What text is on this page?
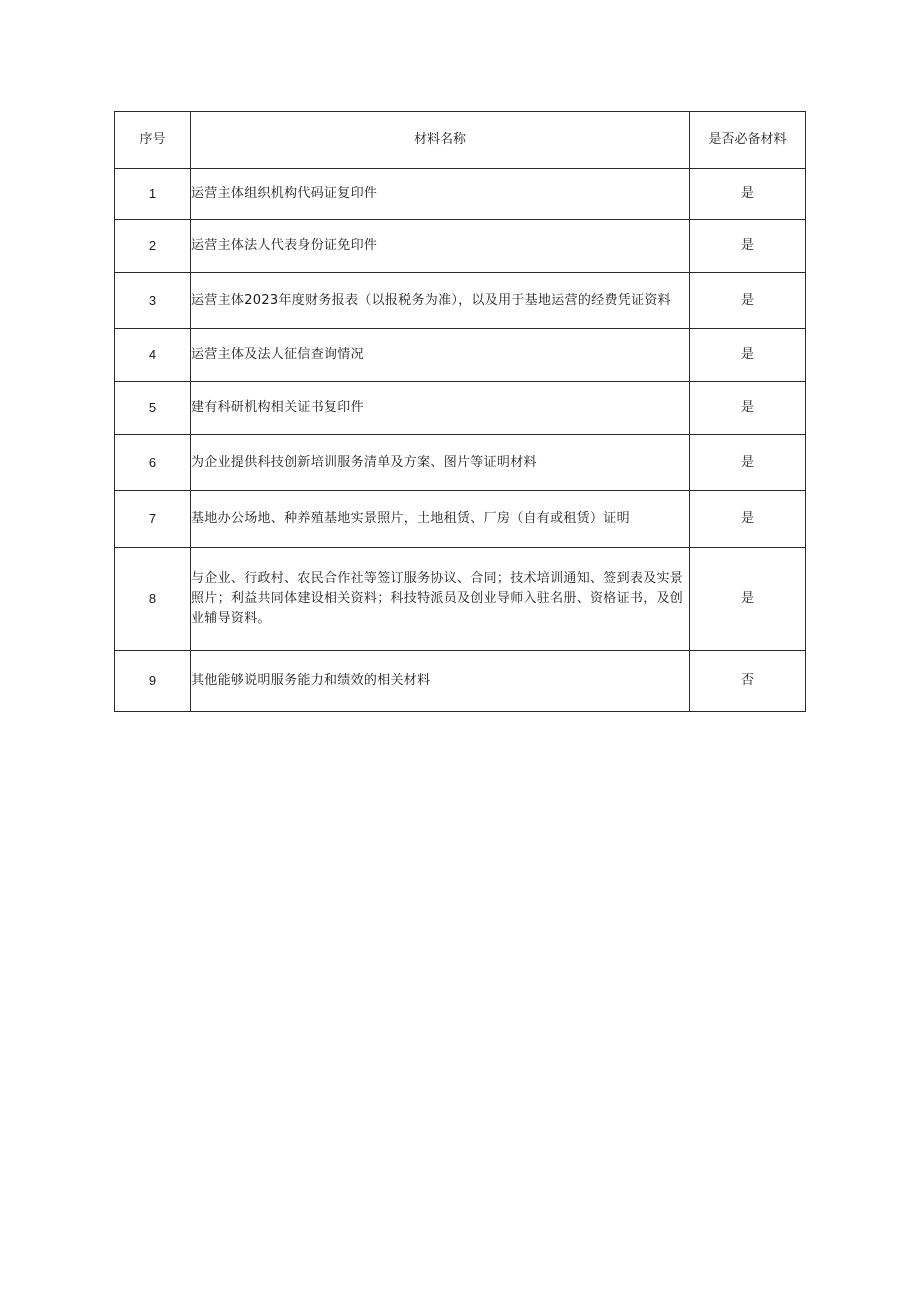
序号	材料名称	是否必备材料
1	运营主体组织机构代码证复印件	是
2	运营主体法人代表身份证免印件	是
3	运营主体2023年度财务报表（以报税务为准），以及用于基地运营的经费凭证资料	是
4	运营主体及法人征信查询情况	是
5	建有科研机构相关证书复印件	是
6	为企业提供科技创新培训服务清单及方案、图片等证明材料	是
7	基地办公场地、种养殖基地实景照片，土地租赁、厂房（自有或租赁）证明	是
8	与企业、行政村、农民合作社等签订服务协议、合同；技术培训通知、签到表及实景照片；利益共同体建设相关资料；科技特派员及创业导师入驻名册、资格证书，及创业辅导资料。	是
9	其他能够说明服务能力和绩效的相关材料	否
